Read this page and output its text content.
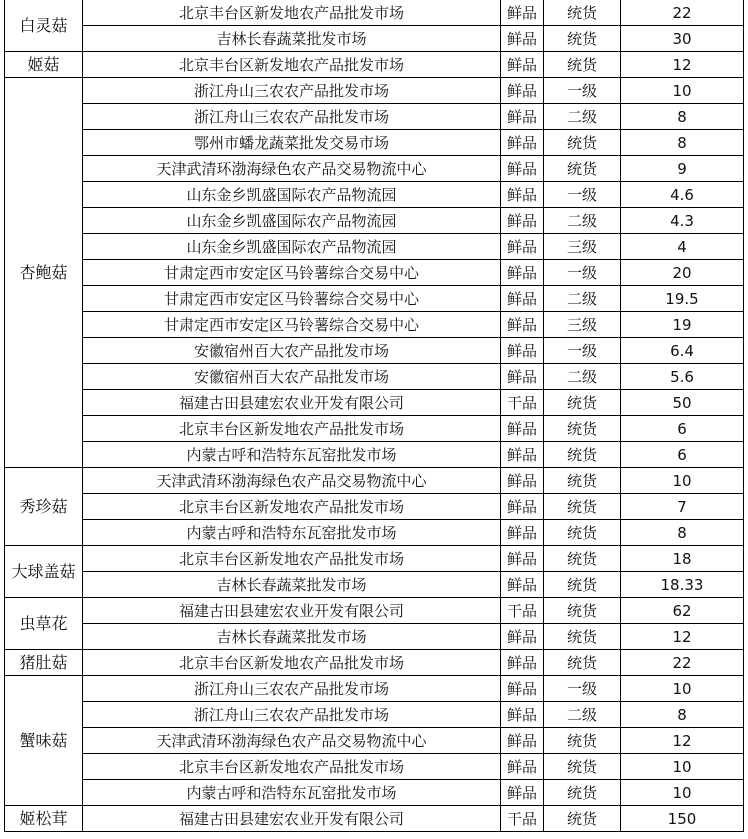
白灵菇	北京丰台区新发地农产品批发市场	鲜品	统货	22
	吉林长春蔬菜批发市场	鲜品	统货	30
姬菇	北京丰台区新发地农产品批发市场	鲜品	统货	12
杏鲍菇	浙江舟山三农农产品批发市场	鲜品	一级	10
	浙江舟山三农农产品批发市场	鲜品	二级	8
	鄂州市蟠龙蔬菜批发交易市场	鲜品	统货	8
	天津武清环渤海绿色农产品交易物流中心	鲜品	统货	9
	山东金乡凯盛国际农产品物流园	鲜品	一级	4.6
	山东金乡凯盛国际农产品物流园	鲜品	二级	4.3
	山东金乡凯盛国际农产品物流园	鲜品	三级	4
	甘肃定西市安定区马铃薯综合交易中心	鲜品	一级	20
	甘肃定西市安定区马铃薯综合交易中心	鲜品	二级	19.5
	甘肃定西市安定区马铃薯综合交易中心	鲜品	三级	19
	安徽宿州百大农产品批发市场	鲜品	一级	6.4
	安徽宿州百大农产品批发市场	鲜品	二级	5.6
	福建古田县建宏农业开发有限公司	干品	统货	50
	北京丰台区新发地农产品批发市场	鲜品	统货	6
	内蒙古呼和浩特东瓦窑批发市场	鲜品	统货	6
秀珍菇	天津武清环渤海绿色农产品交易物流中心	鲜品	统货	10
	北京丰台区新发地农产品批发市场	鲜品	统货	7
	内蒙古呼和浩特东瓦窑批发市场	鲜品	统货	8
大球盖菇	北京丰台区新发地农产品批发市场	鲜品	统货	18
	吉林长春蔬菜批发市场	鲜品	统货	18.33
虫草花	福建古田县建宏农业开发有限公司	干品	统货	62
	吉林长春蔬菜批发市场	鲜品	统货	12
猪肚菇	北京丰台区新发地农产品批发市场	鲜品	统货	22
蟹味菇	浙江舟山三农农产品批发市场	鲜品	一级	10
	浙江舟山三农农产品批发市场	鲜品	二级	8
	天津武清环渤海绿色农产品交易物流中心	鲜品	统货	12
	北京丰台区新发地农产品批发市场	鲜品	统货	10
	内蒙古呼和浩特东瓦窑批发市场	鲜品	统货	10
姬松茸	福建古田县建宏农业开发有限公司	干品	统货	150
